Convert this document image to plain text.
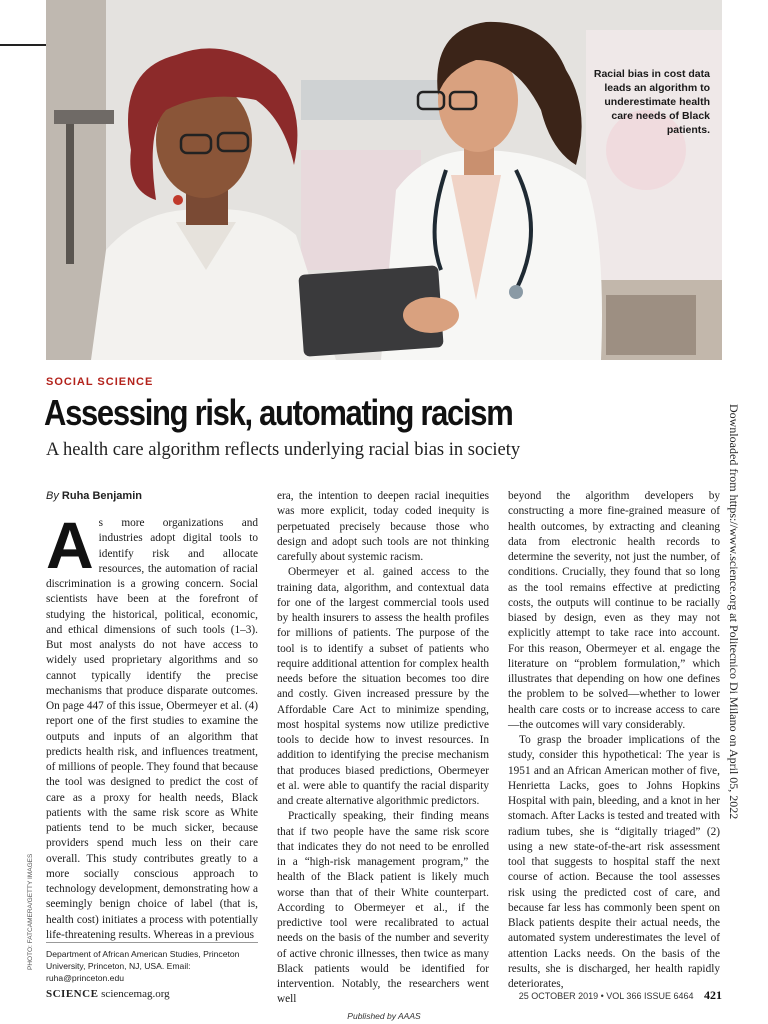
Racial bias in cost data leads an algorithm to underestimate health care needs of Black patients.
PHOTO: FATCAMERA/GETTY IMAGES
Downloaded from https://www.science.org at Politecnico Di Milano on April 05, 2022
SOCIAL SCIENCE
Assessing risk, automating racism
A health care algorithm reflects underlying racial bias in society
By Ruha Benjamin
A s more organizations and industries adopt digital tools to identify risk and allocate resources, the automation of racial discrimination is a growing concern. Social scientists have been at the forefront of studying the historical, political, economic, and ethical dimensions of such tools (1–3). But most analysts do not have access to widely used proprietary algorithms and so cannot typically identify the precise mechanisms that produce disparate outcomes. On page 447 of this issue, Obermeyer et al. (4) report one of the first studies to examine the outputs and inputs of an algorithm that predicts health risk, and influences treatment, of millions of people. They found that because the tool was designed to predict the cost of care as a proxy for health needs, Black patients with the same risk score as White patients tend to be much sicker, because providers spend much less on their care overall. This study contributes greatly to a more socially conscious approach to technology development, demonstrating how a seemingly benign choice of label (that is, health cost) initiates a process with potentially life-threatening results. Whereas in a previous

era, the intention to deepen racial inequities was more explicit, today coded inequity is perpetuated precisely because those who design and adopt such tools are not thinking carefully about systemic racism.

Obermeyer et al. gained access to the training data, algorithm, and contextual data for one of the largest commercial tools used by health insurers to assess the health profiles for millions of patients. The purpose of the tool is to identify a subset of patients who require additional attention for complex health needs before the situation becomes too dire and costly. Given increased pressure by the Affordable Care Act to minimize spending, most hospital systems now utilize predictive tools to decide how to invest resources. In addition to identifying the precise mechanism that produces biased predictions, Obermeyer et al. were able to quantify the racial disparity and create alternative algorithmic predictors.

Practically speaking, their finding means that if two people have the same risk score that indicates they do not need to be enrolled in a “high-risk management program,” the health of the Black patient is likely much worse than that of their White counterpart. According to Obermeyer et al., if the predictive tool were recalibrated to actual needs on the basis of the number and severity of active chronic illnesses, then twice as many Black patients would be identified for intervention. Notably, the researchers went well

beyond the algorithm developers by constructing a more fine-grained measure of health outcomes, by extracting and cleaning data from electronic health records to determine the severity, not just the number, of conditions. Crucially, they found that so long as the tool remains effective at predicting costs, the outputs will continue to be racially biased by design, even as they may not explicitly attempt to take race into account. For this reason, Obermeyer et al. engage the literature on “problem formulation,” which illustrates that depending on how one defines the problem to be solved—whether to lower health care costs or to increase access to care—the outcomes will vary considerably.

To grasp the broader implications of the study, consider this hypothetical: The year is 1951 and an African American mother of five, Henrietta Lacks, goes to Johns Hopkins Hospital with pain, bleeding, and a knot in her stomach. After Lacks is tested and treated with radium tubes, she is “digitally triaged” (2) using a new state-of-the-art risk assessment tool that suggests to hospital staff the next course of action. Because the tool assesses risk using the predicted cost of care, and because far less has commonly been spent on Black patients despite their actual needs, the automated system underestimates the level of attention Lacks needs. On the basis of the results, she is discharged, her health rapidly deteriorates,

Department of African American Studies, Princeton University, Princeton, NJ, USA. Email: ruha@princeton.edu
SCIENCE sciencemag.org	25 OCTOBER 2019 • VOL 366 ISSUE 6464 421
Published by AAAS
